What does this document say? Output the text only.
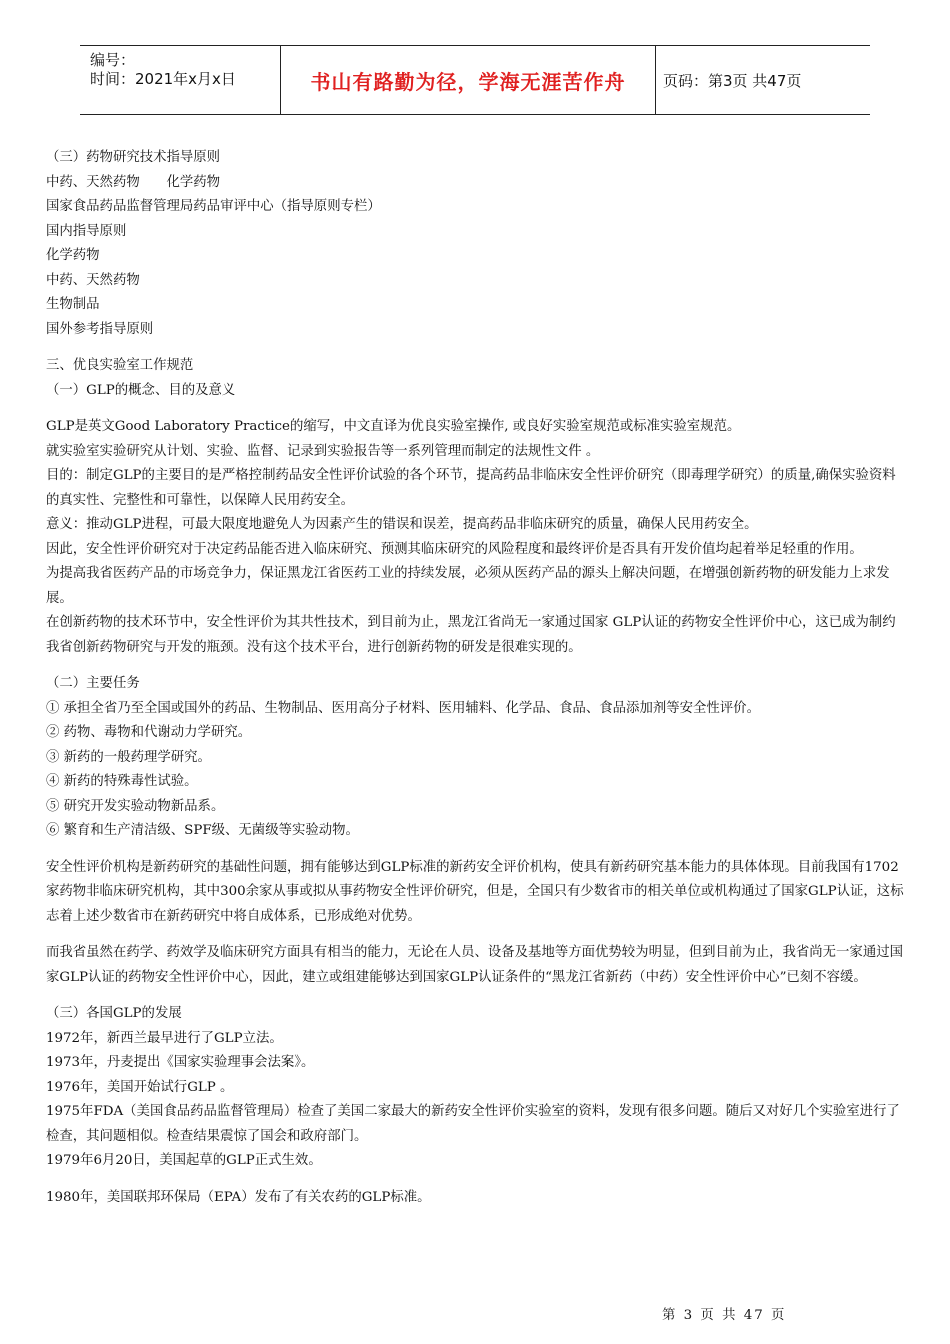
编号：
时间：2021年x月x日	书山有路勤为径，学海无涯苦作舟	页码：第3页 共47页

（三）药物研究技术指导原则

中药、天然药物　　化学药物

国家食品药品监督管理局药品审评中心（指导原则专栏）

国内指导原则

化学药物

中药、天然药物

生物制品

国外参考指导原则

三、优良实验室工作规范

（一）GLP的概念、目的及意义

GLP是英文Good Laboratory Practice的缩写，中文直译为优良实验室操作, 或良好实验室规范或标准实验室规范。

就实验室实验研究从计划、实验、监督、记录到实验报告等一系列管理而制定的法规性文件 。

目的：制定GLP的主要目的是严格控制药品安全性评价试验的各个环节，提高药品非临床安全性评价研究（即毒理学研究）的质量,确保实验资料的真实性、完整性和可靠性，以保障人民用药安全。

意义：推动GLP进程，可最大限度地避免人为因素产生的错误和误差，提高药品非临床研究的质量，确保人民用药安全。

因此，安全性评价研究对于决定药品能否进入临床研究、预测其临床研究的风险程度和最终评价是否具有开发价值均起着举足轻重的作用。

为提高我省医药产品的市场竞争力，保证黑龙江省医药工业的持续发展，必须从医药产品的源头上解决问题，在增强创新药物的研发能力上求发展。

在创新药物的技术环节中，安全性评价为其共性技术，到目前为止，黑龙江省尚无一家通过国家 GLP认证的药物安全性评价中心，这已成为制约我省创新药物研究与开发的瓶颈。没有这个技术平台，进行创新药物的研发是很难实现的。

（二）主要任务

① 承担全省乃至全国或国外的药品、生物制品、医用高分子材料、医用辅料、化学品、食品、食品添加剂等安全性评价。

② 药物、毒物和代谢动力学研究。

③ 新药的一般药理学研究。

④ 新药的特殊毒性试验。

⑤ 研究开发实验动物新品系。

⑥ 繁育和生产清洁级、SPF级、无菌级等实验动物。

安全性评价机构是新药研究的基础性问题，拥有能够达到GLP标准的新药安全评价机构，使具有新药研究基本能力的具体体现。目前我国有1702家药物非临床研究机构，其中300余家从事或拟从事药物安全性评价研究，但是，全国只有少数省市的相关单位或机构通过了国家GLP认证，这标志着上述少数省市在新药研究中将自成体系，已形成绝对优势。

而我省虽然在药学、药效学及临床研究方面具有相当的能力，无论在人员、设备及基地等方面优势较为明显，但到目前为止，我省尚无一家通过国家GLP认证的药物安全性评价中心，因此，建立或组建能够达到国家GLP认证条件的“黑龙江省新药（中药）安全性评价中心”已刻不容缓。

（三）各国GLP的发展

1972年，新西兰最早进行了GLP立法。

1973年，丹麦提出《国家实验理事会法案》。

1976年，美国开始试行GLP 。

1975年FDA（美国食品药品监督管理局）检查了美国二家最大的新药安全性评价实验室的资料，发现有很多问题。随后又对好几个实验室进行了检查，其问题相似。检查结果震惊了国会和政府部门。

1979年6月20日，美国起草的GLP正式生效。

1980年，美国联邦环保局（EPA）发布了有关农药的GLP标准。

第 3 页 共 47 页
